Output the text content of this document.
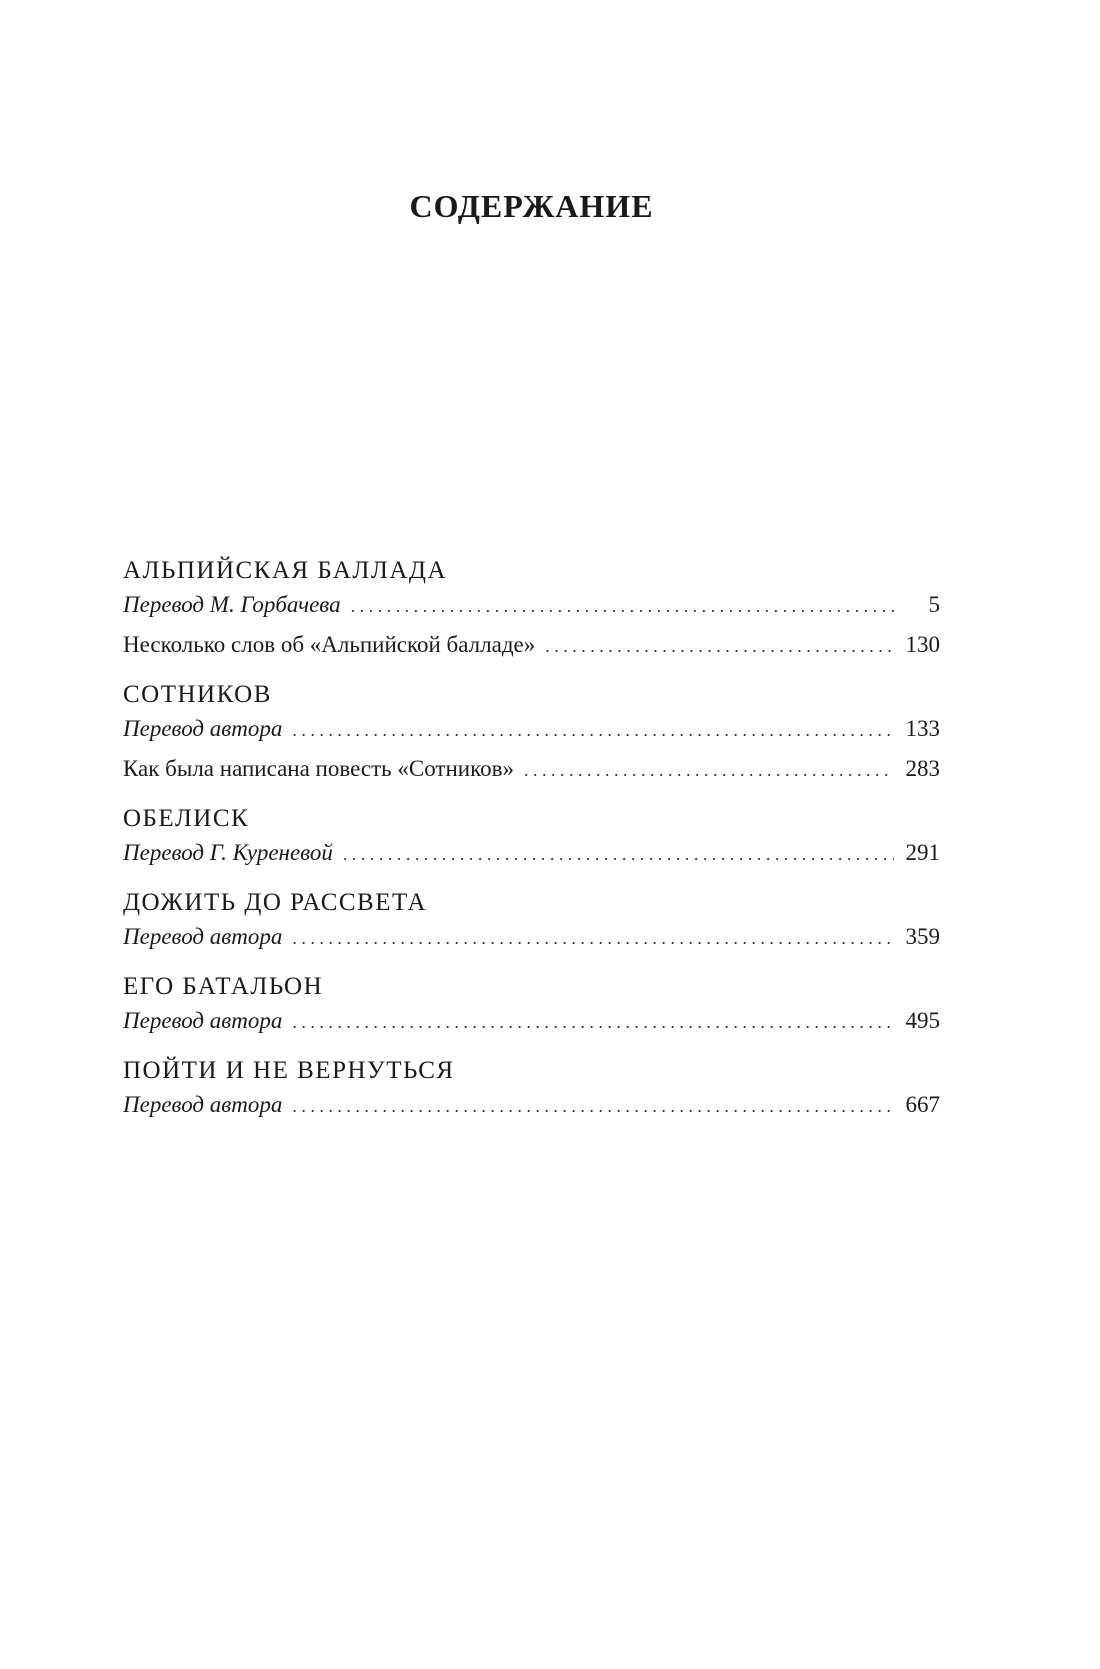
СОДЕРЖАНИЕ
АЛЬПИЙСКАЯ БАЛЛАДА
Перевод М. Горбачева . . .	5
Несколько слов об «Альпийской балладе» . . .	130
СОТНИКОВ
Перевод автора . . .	133
Как была написана повесть «Сотников» . . .	283
ОБЕЛИСК
Перевод Г. Куреневой . . .	291
ДОЖИТЬ ДО РАССВЕТА
Перевод автора . . .	359
ЕГО БАТАЛЬОН
Перевод автора . . .	495
ПОЙТИ И НЕ ВЕРНУТЬСЯ
Перевод автора . . .	667
